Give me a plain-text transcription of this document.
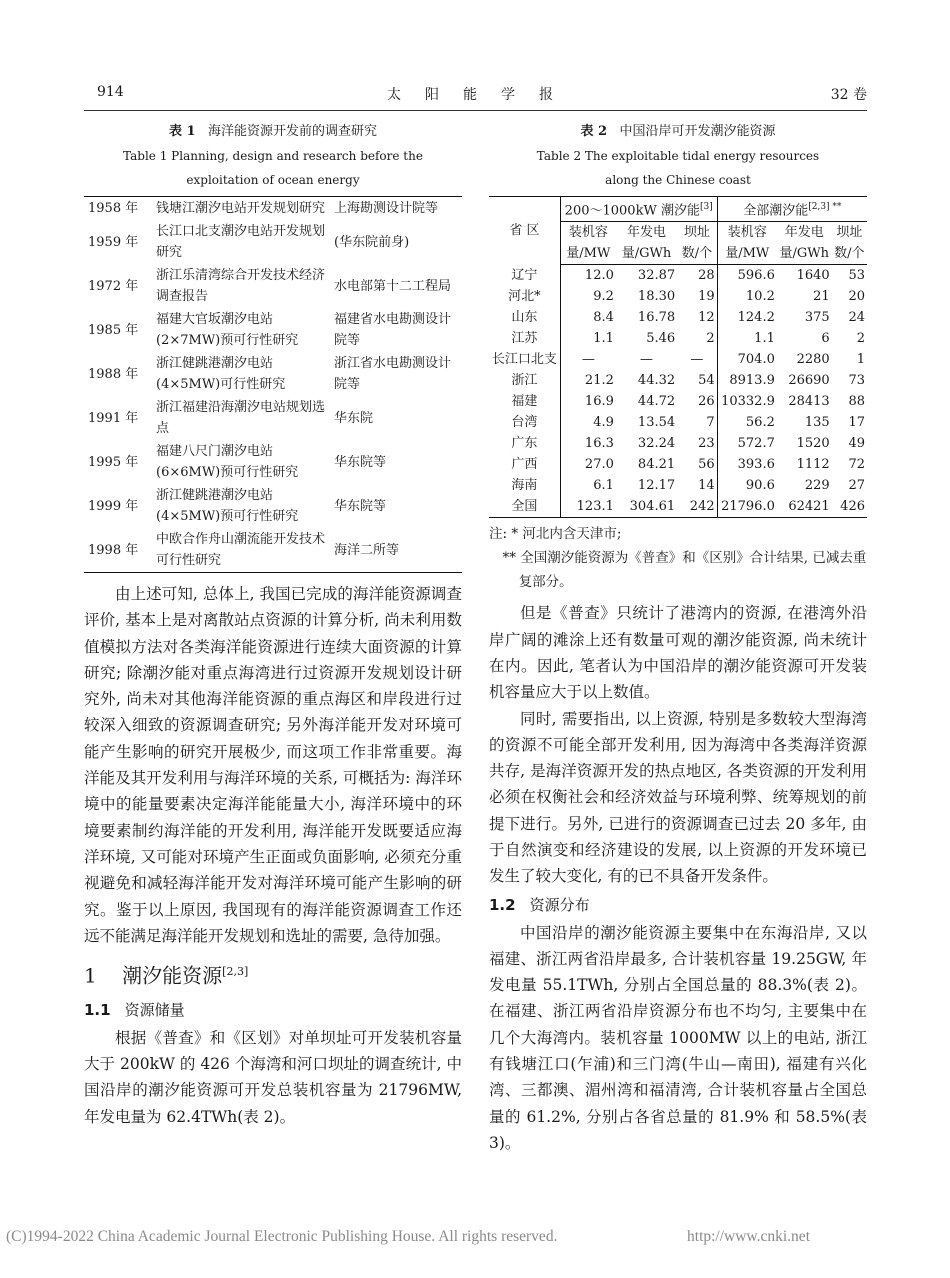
914	太阳能学报	32 卷
表 1 海洋能资源开发前的调查研究
Table 1 Planning, design and research before the
exploitation of ocean energy
1958 年	钱塘江潮汐电站开发规划研究	上海勘测设计院等
1959 年	长江口北支潮汐电站开发规划研究	(华东院前身)
1972 年	浙江乐清湾综合开发技术经济调查报告	水电部第十二工程局
1985 年	福建大官坂潮汐电站(2×7MW)预可行性研究	福建省水电勘测设计院等
1988 年	浙江健跳港潮汐电站(4×5MW)可行性研究	浙江省水电勘测设计院等
1991 年	浙江福建沿海潮汐电站规划选点	华东院
1995 年	福建八尺门潮汐电站(6×6MW)预可行性研究	华东院等
1999 年	浙江健跳港潮汐电站(4×5MW)预可行性研究	华东院等
1998 年	中欧合作舟山潮流能开发技术可行性研究	海洋二所等

由上述可知, 总体上, 我国已完成的海洋能资源调查评价, 基本上是对离散站点资源的计算分析, 尚未利用数值模拟方法对各类海洋能资源进行连续大面资源的计算研究; 除潮汐能对重点海湾进行过资源开发规划设计研究外, 尚未对其他海洋能资源的重点海区和岸段进行过较深入细致的资源调查研究; 另外海洋能开发对环境可能产生影响的研究开展极少, 而这项工作非常重要。海洋能及其开发利用与海洋环境的关系, 可概括为: 海洋环境中的能量要素决定海洋能能量大小, 海洋环境中的环境要素制约海洋能的开发利用, 海洋能开发既要适应海洋环境, 又可能对环境产生正面或负面影响, 必须充分重视避免和减轻海洋能开发对海洋环境可能产生影响的研究。鉴于以上原因, 我国现有的海洋能资源调查工作还远不能满足海洋能开发规划和选址的需要, 急待加强。

1 潮汐能资源[2,3]
1.1 资源储量

根据《普查》和《区划》对单坝址可开发装机容量大于 200kW 的 426 个海湾和河口坝址的调查统计, 中国沿岸的潮汐能资源可开发总装机容量为 21796MW, 年发电量为 62.4TWh(表 2)。

表 2 中国沿岸可开发潮汐能资源
Table 2 The exploitable tidal energy resources
along the Chinese coast
省 区	200～1000kW 潮汐能[3]			全部潮汐能$^{[2,3] **}$
	装机容	年发电	坝址	装机容	年发电	坝址
	量/MW	量/GWh	数/个	量/MW	量/GWh	数/个
辽宁	12.0	32.87	28	596.6	1640	53
河北*	9.2	18.30	19	10.2	21	20
山东	8.4	16.78	12	124.2	375	24
江苏	1.1	5.46	2	1.1	6	2
长江口北支	—	—	—	704.0	2280	1
浙江	21.2	44.32	54	8913.9	26690	73
福建	16.9	44.72	26	10332.9	28413	88
台湾	4.9	13.54	7	56.2	135	17
广东	16.3	32.24	23	572.7	1520	49
广西	27.0	84.21	56	393.6	1112	72
海南	6.1	12.17	14	90.6	229	27
全国	123.1	304.61	242	21796.0	62421	426
注: * 河北内含天津市;
** 全国潮汐能资源为《普查》和《区别》合计结果, 已减去重复部分。

但是《普查》只统计了港湾内的资源, 在港湾外沿岸广阔的滩涂上还有数量可观的潮汐能资源, 尚未统计在内。因此, 笔者认为中国沿岸的潮汐能资源可开发装机容量应大于以上数值。

同时, 需要指出, 以上资源, 特别是多数较大型海湾的资源不可能全部开发利用, 因为海湾中各类海洋资源共存, 是海洋资源开发的热点地区, 各类资源的开发利用必须在权衡社会和经济效益与环境利弊、统筹规划的前提下进行。另外, 已进行的资源调查已过去 20 多年, 由于自然演变和经济建设的发展, 以上资源的开发环境已发生了较大变化, 有的已不具备开发条件。

1.2 资源分布

中国沿岸的潮汐能资源主要集中在东海沿岸, 又以福建、浙江两省沿岸最多, 合计装机容量 19.25GW, 年发电量 55.1TWh, 分别占全国总量的 88.3%(表 2)。在福建、浙江两省沿岸资源分布也不均匀, 主要集中在几个大海湾内。装机容量 1000MW 以上的电站, 浙江有钱塘江口(乍浦)和三门湾(牛山—南田), 福建有兴化湾、三都澳、湄州湾和福清湾, 合计装机容量占全国总量的 61.2%, 分别占各省总量的 81.9% 和 58.5%(表 3)。

(C)1994-2022 China Academic Journal Electronic Publishing House. All rights reserved.	http://www.cnki.net
